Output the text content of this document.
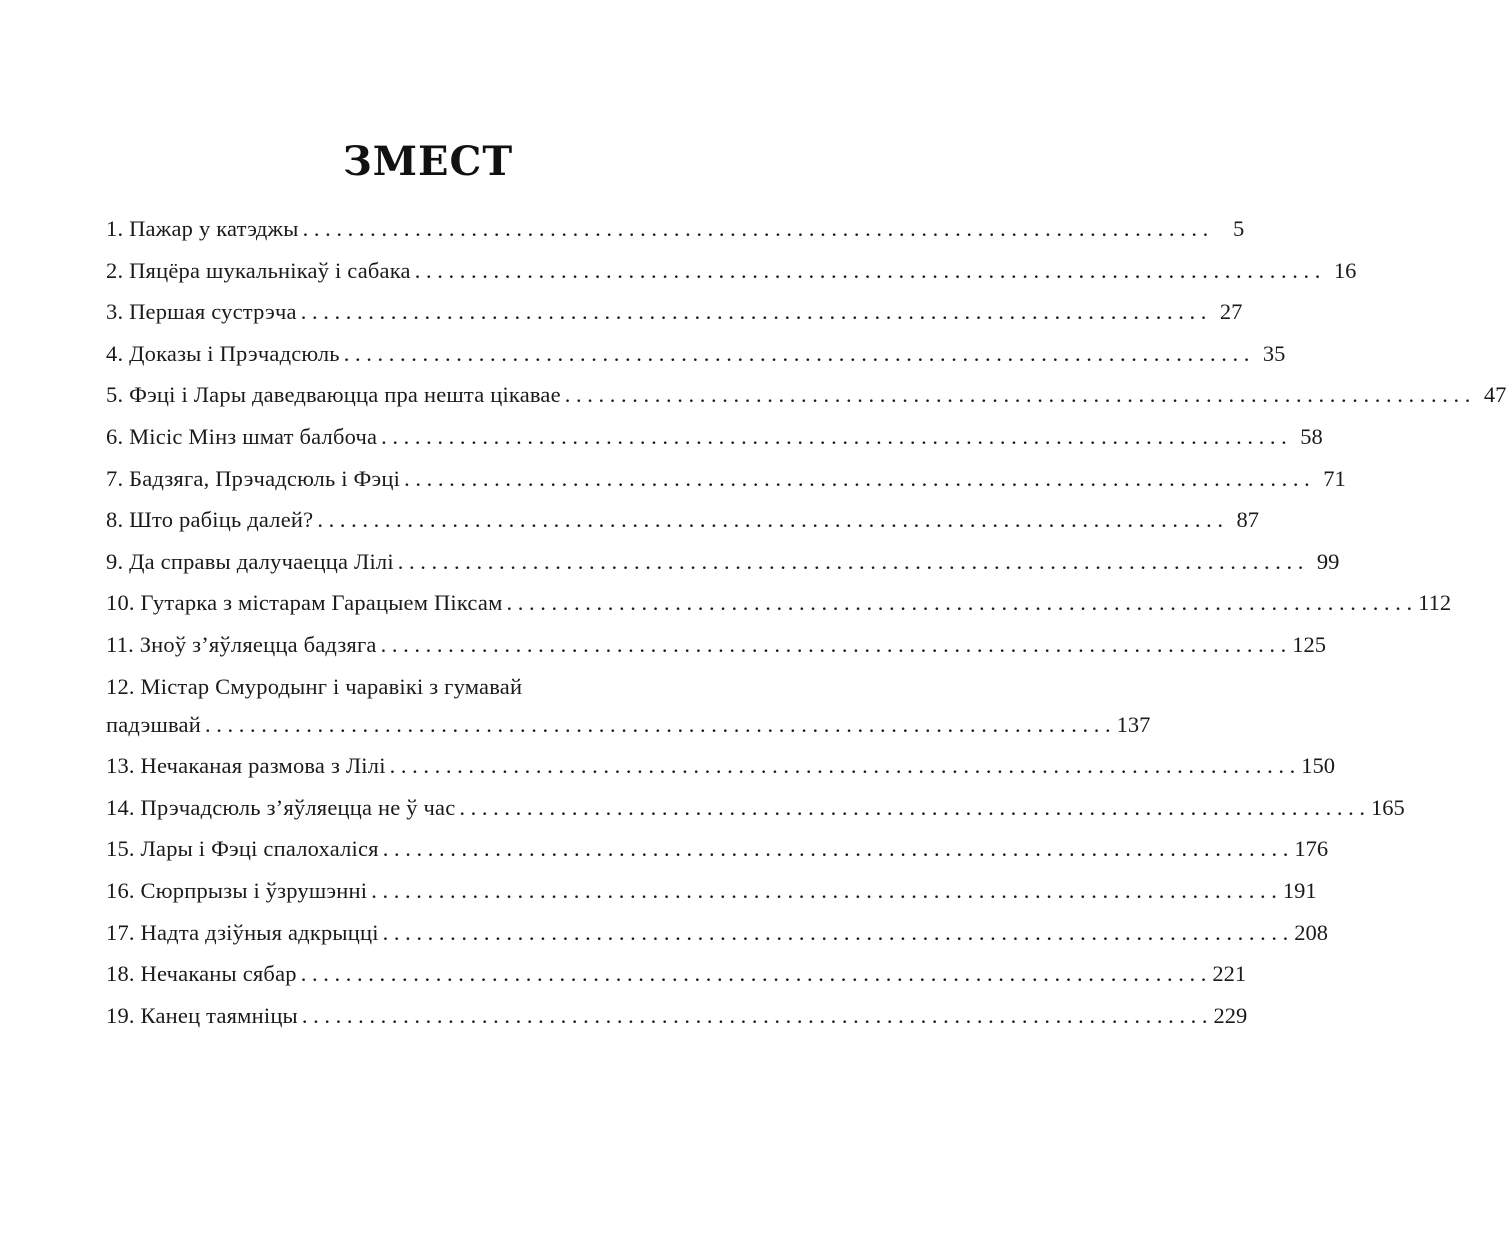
ЗМЕСТ
1. Пажар у катэджы . . .	5
2. Пяцёра шукальнікаў і сабака . . .	16
3. Першая сустрэча . . .	27
4. Доказы і Прэчадсюль . . .	35
5. Фэці і Лары даведваюцца пра нешта цікавае . . .	47
6. Місіс Мінз шмат балбоча . . .	58
7. Бадзяга, Прэчадсюль і Фэці . . .	71
8. Што рабіць далей? . . .	87
9. Да справы далучаецца Лілі . . .	99
10. Гутарка з містарам Гарацыем Піксам . . .	112
11. Зноў з’яўляецца бадзяга . . .	125
12. Містар Смуродынг і чаравікі з гумавай
падэшвай . . .	137
13. Нечаканая размова з Лілі . . .	150
14. Прэчадсюль з’яўляецца не ў час . . .	165
15. Лары і Фэці спалохаліся . . .	176
16. Сюрпрызы і ўзрушэнні . . .	191
17. Надта дзіўныя адкрыцці . . .	208
18. Нечаканы сябар . . .	221
19. Канец таямніцы . . .	229
